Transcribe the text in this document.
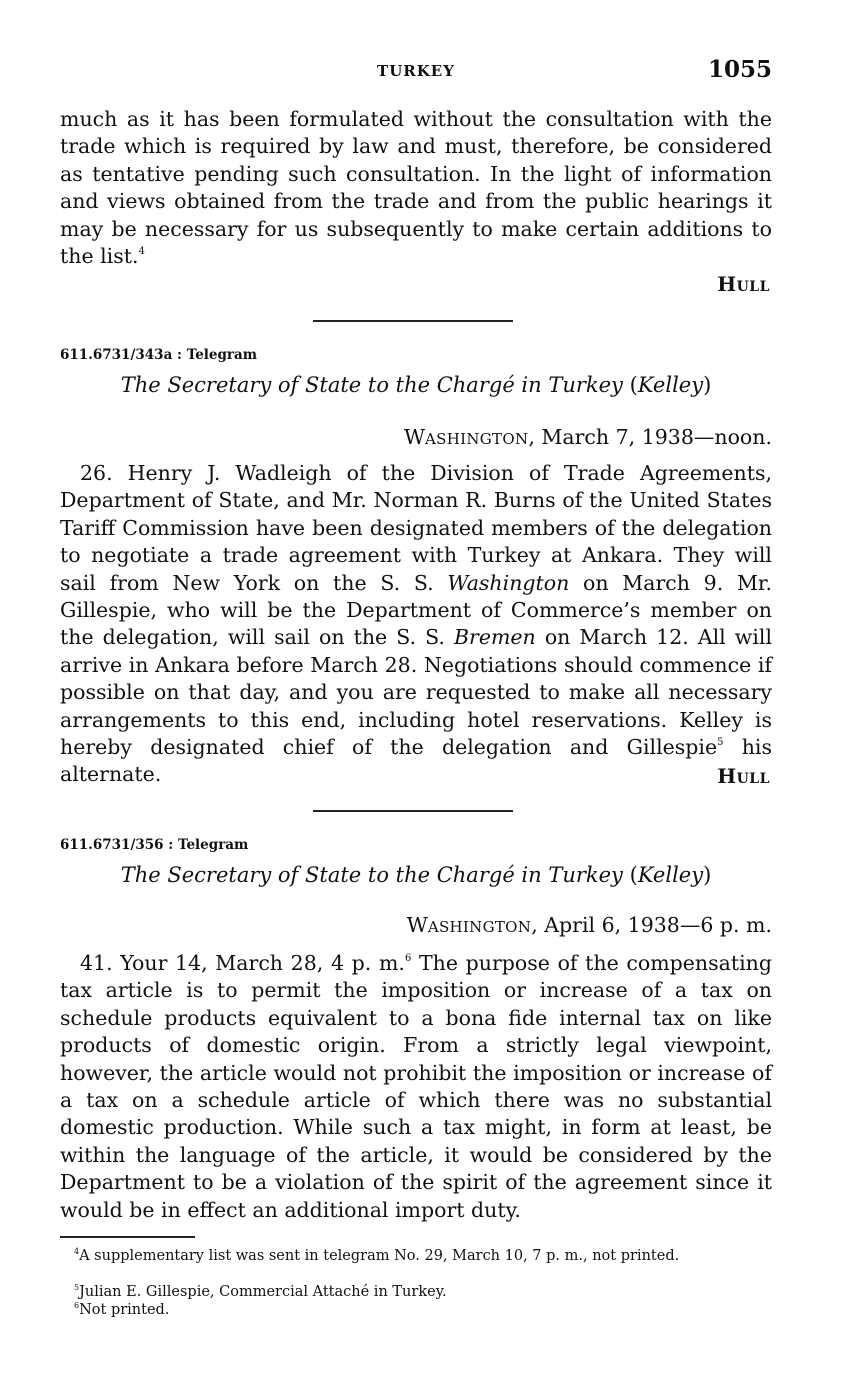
TURKEY	1055

much as it has been formulated without the consultation with the trade which is required by law and must, therefore, be considered as tentative pending such consultation. In the light of information and views obtained from the trade and from the public hearings it may be necessary for us subsequently to make certain additions to the list.$^4$

HULL

611.6731/343a : Telegram

The Secretary of State to the Chargé in Turkey (Kelley)

WASHINGTON, March 7, 1938—noon.

26. Henry J. Wadleigh of the Division of Trade Agreements, Department of State, and Mr. Norman R. Burns of the United States Tariff Commission have been designated members of the delegation to negotiate a trade agreement with Turkey at Ankara. They will sail from New York on the S. S. Washington on March 9. Mr. Gillespie, who will be the Department of Commerce’s member on the delegation, will sail on the S. S. Bremen on March 12. All will arrive in Ankara before March 28. Negotiations should commence if possible on that day, and you are requested to make all necessary arrangements to this end, including hotel reservations. Kelley is hereby designated chief of the delegation and Gillespie$^5$ his alternate.	HULL

611.6731/356 : Telegram

The Secretary of State to the Chargé in Turkey (Kelley)

WASHINGTON, April 6, 1938—6 p. m.

41. Your 14, March 28, 4 p. m.$^6$ The purpose of the compensating tax article is to permit the imposition or increase of a tax on schedule products equivalent to a bona fide internal tax on like products of domestic origin. From a strictly legal viewpoint, however, the article would not prohibit the imposition or increase of a tax on a schedule article of which there was no substantial domestic production. While such a tax might, in form at least, be within the language of the article, it would be considered by the Department to be a violation of the spirit of the agreement since it would be in effect an additional import duty.

$^4$A supplementary list was sent in telegram No. 29, March 10, 7 p. m., not printed.

$^5$Julian E. Gillespie, Commercial Attaché in Turkey.

$^6$Not printed.
